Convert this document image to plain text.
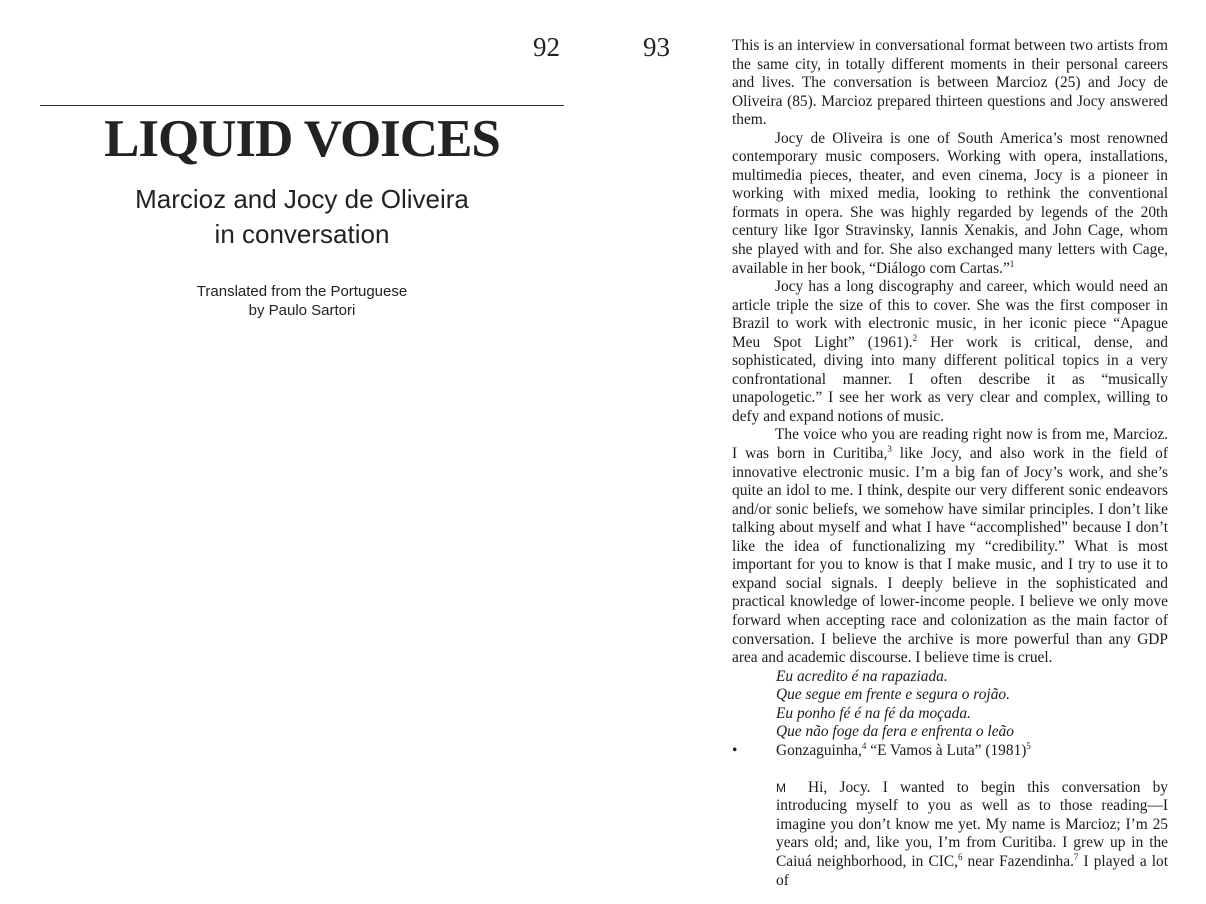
92
LIQUID VOICES
Marcioz and Jocy de Oliveira
in conversation
Translated from the Portuguese
by Paulo Sartori
93	This is an interview in conversational format between two artists from the same city, in totally different moments in their personal careers and lives. The conversation is between Marcioz (25) and Jocy de Oliveira (85). Marcioz prepared thirteen questions and Jocy answered them.

Jocy de Oliveira is one of South America’s most renowned contemporary music composers. Working with opera, installations, multimedia pieces, theater, and even cinema, Jocy is a pioneer in working with mixed media, looking to rethink the conventional formats in opera. She was highly regarded by legends of the 20th century like Igor Stravinsky, Iannis Xenakis, and John Cage, whom she played with and for. She also exchanged many letters with Cage, available in her book, “Diálogo com Cartas.”$^1$

Jocy has a long discography and career, which would need an article triple the size of this to cover. She was the first composer in Brazil to work with electronic music, in her iconic piece “Apague Meu Spot Light” (1961).$^2$ Her work is critical, dense, and sophisticated, diving into many different political topics in a very confrontational manner. I often describe it as “musically unapologetic.” I see her work as very clear and complex, willing to defy and expand notions of music.

The voice who you are reading right now is from me, Marcioz. I was born in Curitiba,$^3$ like Jocy, and also work in the field of innovative electronic music. I’m a big fan of Jocy’s work, and she’s quite an idol to me. I think, despite our very different sonic endeavors and/or sonic beliefs, we somehow have similar principles. I don’t like talking about myself and what I have “accomplished” because I don’t like the idea of functionalizing my “credibility.” What is most important for you to know is that I make music, and I try to use it to expand social signals. I deeply believe in the sophisticated and practical knowledge of lower-income people. I believe we only move forward when accepting race and colonization as the main factor of conversation. I believe the archive is more powerful than any GDP area and academic discourse. I believe time is cruel.

Eu acredito é na rapaziada.
Que segue em frente e segura o rojão.
Eu ponho fé é na fé da moçada.
Que não foge da fera e enfrenta o leão
•	Gonzaguinha,$^4$ “E Vamos à Luta” $(1981)^5$

M Hi, Jocy. I wanted to begin this conversation by introducing myself to you as well as to those reading—I imagine you don’t know me yet. My name is Marcioz; I’m 25 years old; and, like you, I’m from Curitiba. I grew up in the Caiuá neighborhood, in CIC,$^6$ near Fazendinha.$^7$ I played a lot of
